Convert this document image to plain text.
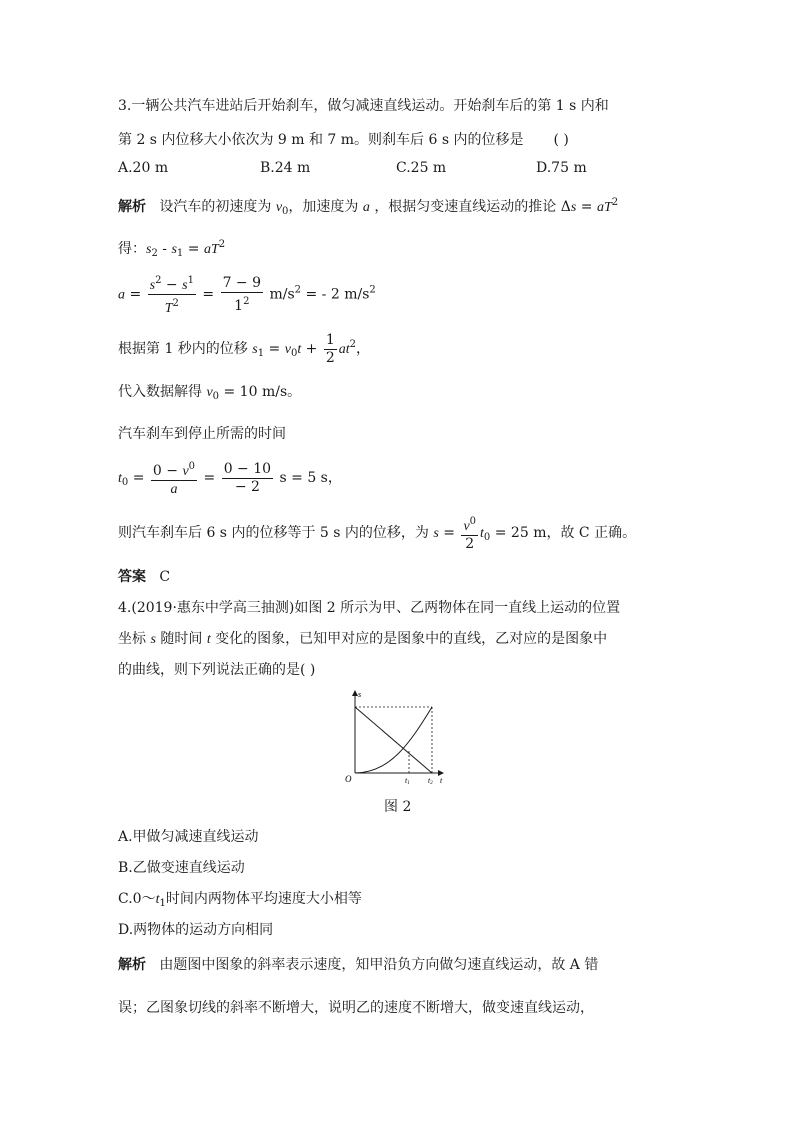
3.一辆公共汽车进站后开始刹车，做匀减速直线运动。开始刹车后的第 1 s 内和
第 2 s 内位移大小依次为 9 m 和 7 m。则刹车后 6 s 内的位移是 ( )
A.20 m	B.24 m	C.25 m	D.75 m
解析 设汽车的初速度为 $v_0$，加速度为 a ，根据匀变速直线运动的推论 $\Delta s = aT^2$
得：$s_2 - s_1 = aT^2$
$a = \frac{s^2 - s^1}{T^2} = \frac{7 - 9}{1^2} m/s^2$ = - 2 $m/s^2$
根据第 1 秒内的位移 $s_1 = v_0t + \frac{1}{2} at^2$，
代入数据解得 $v_0 = 10$ m/s。
汽车刹车到停止所需的时间
$t_0 = \frac{0 - v^0}{a} = \frac{0 - 10}{- 2}$ s = 5 s，
则汽车刹车后 6 s 内的位移等于 5 s 内的位移，为 $s = \frac{v^0}{2} t_0 = 25$ m，故 C 正确。
答案 C
4.(2019·惠东中学高三抽测)如图 2 所示为甲、乙两物体在同一直线上运动的位置
坐标 s 随时间 t 变化的图象，已知甲对应的是图象中的直线，乙对应的是图象中
的曲线，则下列说法正确的是( )
s
t
O	t1 t2
图 2
A.甲做匀减速直线运动
B.乙做变速直线运动
$C.0\sim t_1$时间内两物体平均速度大小相等
D.两物体的运动方向相同
解析 由题图中图象的斜率表示速度，知甲沿负方向做匀速直线运动，故 A 错
误；乙图象切线的斜率不断增大，说明乙的速度不断增大，做变速直线运动，
